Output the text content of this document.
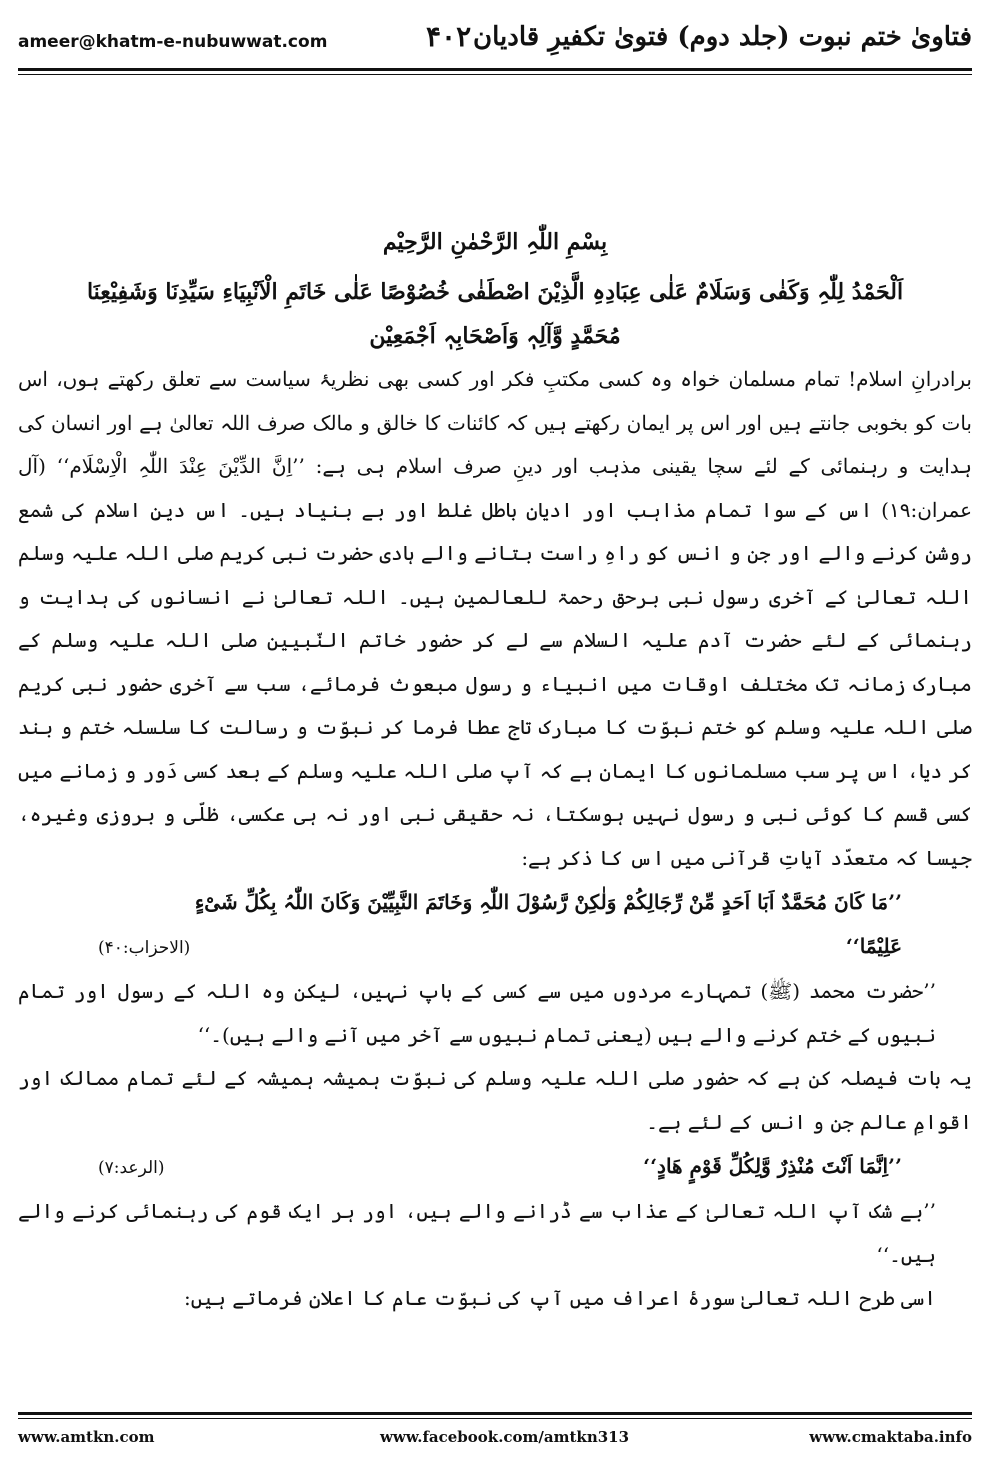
فتاویٰ ختم نبوت (جلد دوم) فتویٰ تکفیرِ قادیان
۴۰۲
ameer@khatm-e-nubuwwat.com
بِسْمِ اللّٰہِ الرَّحْمٰنِ الرَّحِیْم
اَلْحَمْدُ لِلّٰہِ وَکَفٰی وَسَلَامٌ عَلٰی عِبَادِہِ الَّذِیْنَ اصْطَفٰی خُصُوْصًا عَلٰی خَاتَمِ الْاَنْبِیَاءِ سَیِّدِنَا وَشَفِیْعِنَا
مُحَمَّدٍ وَّآلِہٖ وَاَصْحَابِہٖ اَجْمَعِیْن

برادرانِ اسلام! تمام مسلمان خواہ وہ کسی مکتبِ فکر اور کسی بھی نظریۂ سیاست سے تعلق رکھتے ہوں، اس بات کو بخوبی جانتے ہیں اور اس پر ایمان رکھتے ہیں کہ کائنات کا خالق و مالک صرف اللہ تعالیٰ ہے اور انسان کی ہدایت و رہنمائی کے لئے سچا یقینی مذہب اور دینِ صرف اسلام ہی ہے: ’’اِنَّ الدِّیْنَ عِنْدَ اللّٰہِ الْاِسْلَام‘‘ (آل عمران:۱۹) اس کے سوا تمام مذاہب اور ادیانِ باطل غلط اور بے بنیاد ہیں۔ اس دینِ اسلام کی شمع روشن کرنے والے اور جن و انس کو راہِ راست بتانے والے ہادی حضرت نبی کریم صلی اللہ علیہ وسلم اللہ تعالیٰ کے آخری رسول نبی برحق رحمۃ للعالمین ہیں۔ اللہ تعالیٰ نے انسانوں کی ہدایت و رہنمائی کے لئے حضرت آدم علیہ السلام سے لے کر حضور خاتم النّبیین صلی اللہ علیہ وسلم کے مبارک زمانہ تک مختلف اوقات میں انبیاء و رسول مبعوث فرمائے، سب سے آخری حضور نبی کریم صلی اللہ علیہ وسلم کو ختم نبوّت کا مبارک تاج عطا فرما کر نبوّت و رسالت کا سلسلہ ختم و بند کر دیا، اس پر سب مسلمانوں کا ایمان ہے کہ آپ صلی اللہ علیہ وسلم کے بعد کسی دَور و زمانے میں کسی قسم کا کوئی نبی و رسول نہیں ہوسکتا، نہ حقیقی نبی اور نہ ہی عکسی، ظلّی و بروزی وغیرہ، جیسا کہ متعدّد آیاتِ قرآنی میں اس کا ذکر ہے:

’’مَا کَانَ مُحَمَّدٌ اَبَا اَحَدٍ مِّنْ رِّجَالِکُمْ وَلٰکِنْ رَّسُوْلَ اللّٰہِ وَخَاتَمَ النَّبِیِّیْنَ وَکَانَ اللّٰہُ بِکُلِّ شَیْءٍ
عَلِیْمًا‘‘
(الاحزاب:۴۰)
’’حضرت محمد (ﷺ) تمہارے مردوں میں سے کسی کے باپ نہیں، لیکن وہ اللہ کے رسول اور تمام نبیوں کے ختم کرنے والے ہیں (یعنی تمام نبیوں سے آخر میں آنے والے ہیں)۔‘‘

یہ بات فیصلہ کن ہے کہ حضور صلی اللہ علیہ وسلم کی نبوّت ہمیشہ ہمیشہ کے لئے تمام ممالک اور اقوامِ عالم جن و انس کے لئے ہے۔

’’اِنَّمَا اَنْتَ مُنْذِرٌ وَّلِکُلِّ قَوْمٍ ھَادٍ‘‘
(الرعد:۷)
’’بے شک آپ اللہ تعالیٰ کے عذاب سے ڈرانے والے ہیں، اور ہر ایک قوم کی رہنمائی کرنے والے ہیں۔‘‘

اسی طرح اللہ تعالیٰ سورۂ اعراف میں آپ کی نبوّت عام کا اعلان فرماتے ہیں:

www.amtkn.com	www.facebook.com/amtkn313	www.cmaktaba.info
